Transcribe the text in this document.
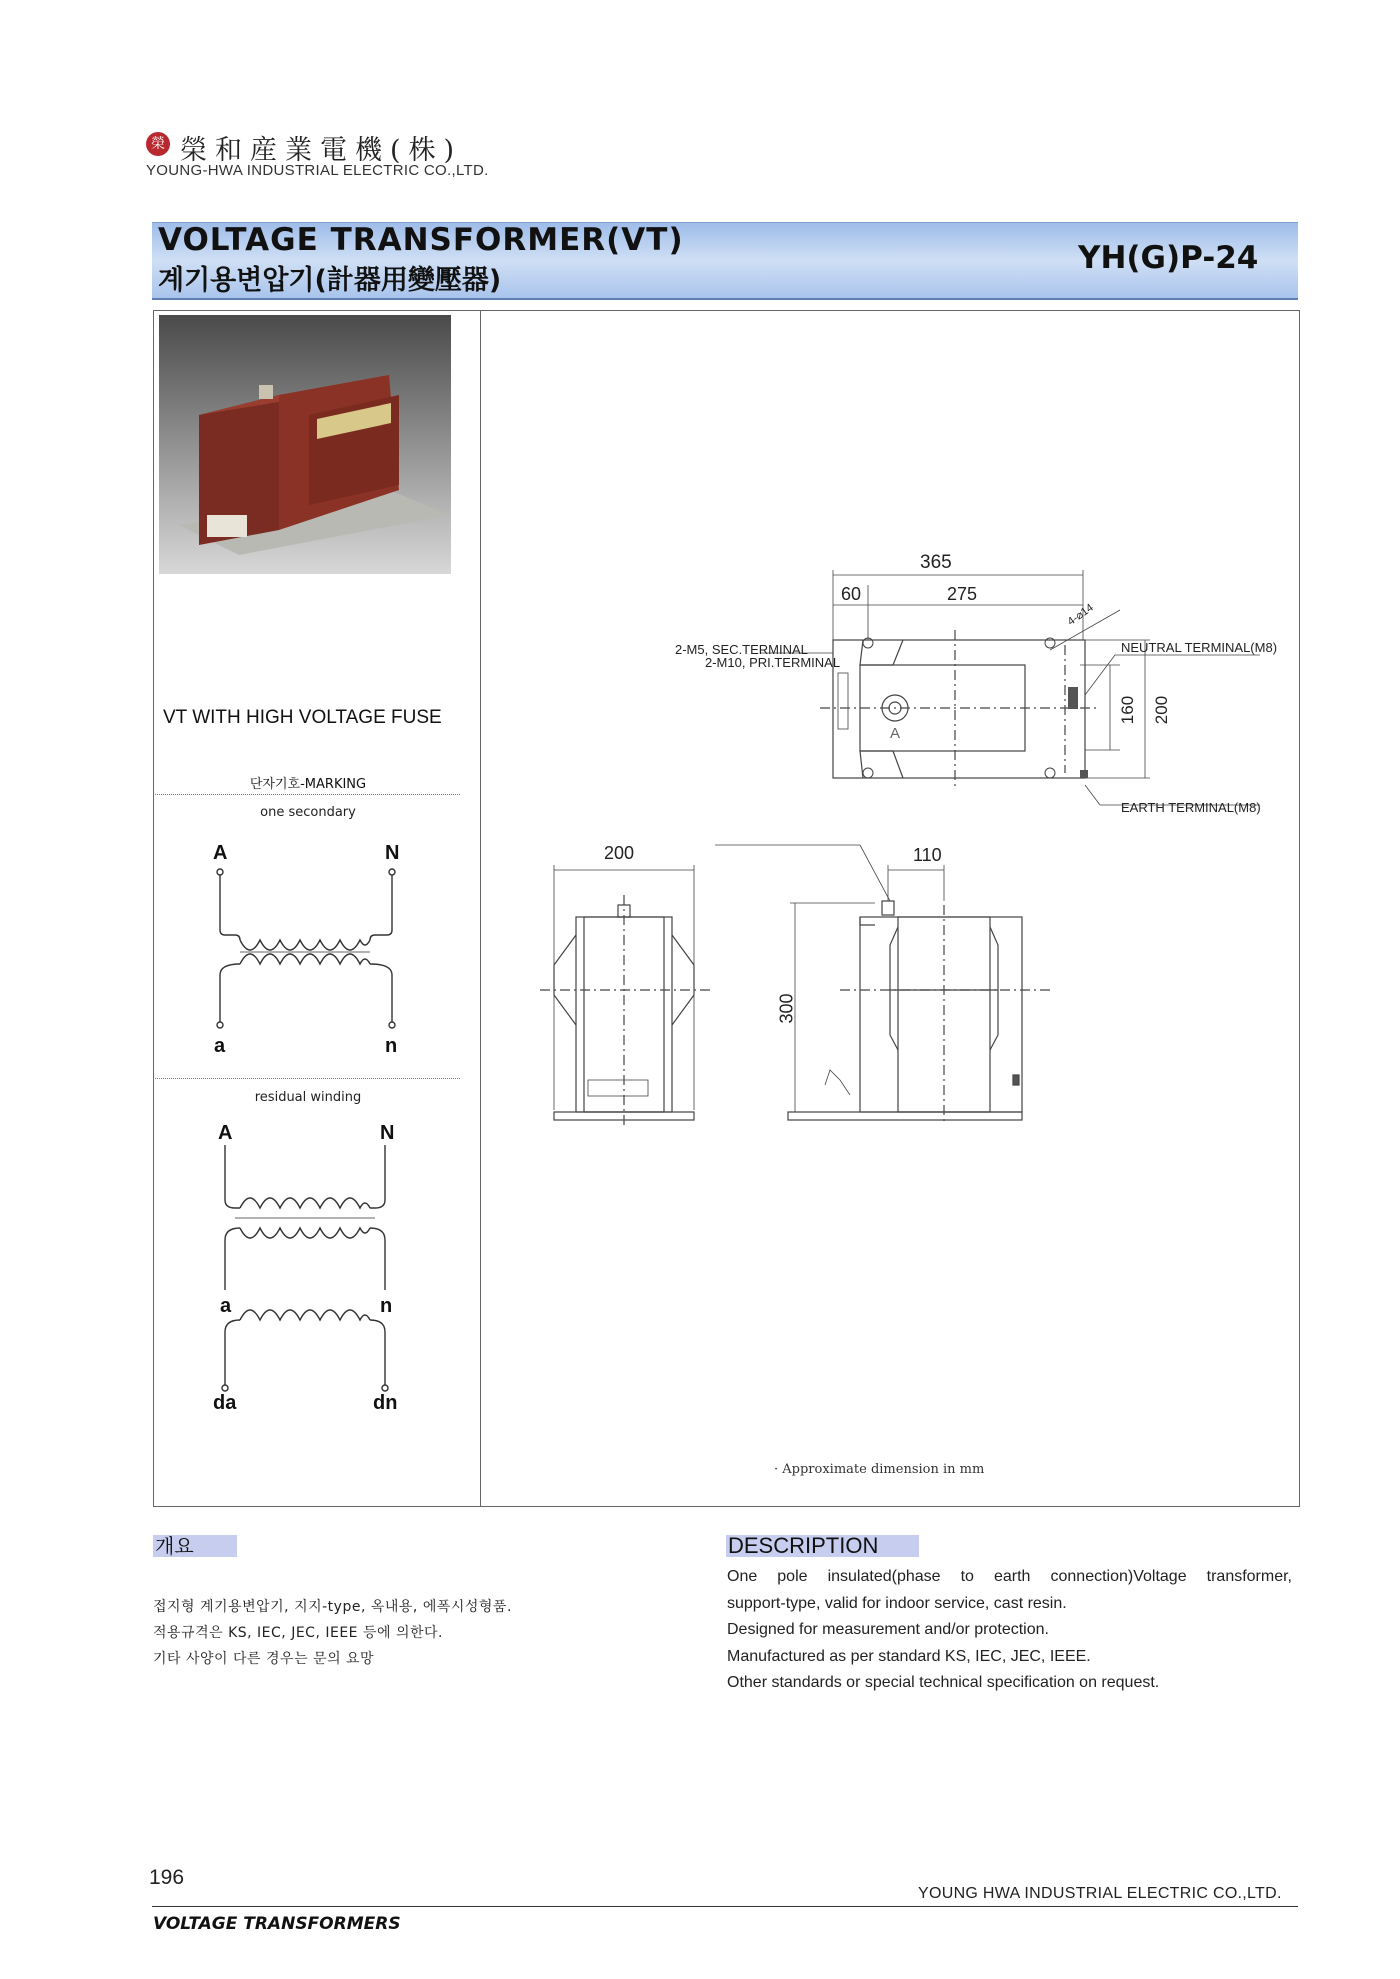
榮 榮和産業電機(株)
YOUNG-HWA INDUSTRIAL ELECTRIC CO.,LTD.
VOLTAGE TRANSFORMER(VT)
계기용변압기(計器用變壓器)
YH(G)P-24
VT WITH HIGH VOLTAGE FUSE
단자기호-MARKING
one secondary
A	N
a	n
residual winding
A	N
a	n
da	dn
365
60	275
4-⌀14
2-M5, SEC.TERMINAL	NEUTRAL TERMINAL(M8)
160 200
A
EARTH TERMINAL(M8)
2-M10, PRI.TERMINAL
200	110
300
· Approximate dimension in mm
개요
접지형 계기용변압기, 지지-type, 옥내용, 에폭시성형품.
적용규격은 KS, IEC, JEC, IEEE 등에 의한다.
기타 사양이 다른 경우는 문의 요망
DESCRIPTION
One pole insulated(phase to earth connection)Voltage transformer,
support-type, valid for indoor service, cast resin.
Designed for measurement and/or protection.
Manufactured as per standard KS, IEC, JEC, IEEE.
Other standards or special technical specification on request.
196
YOUNG HWA INDUSTRIAL ELECTRIC CO.,LTD.
VOLTAGE TRANSFORMERS
